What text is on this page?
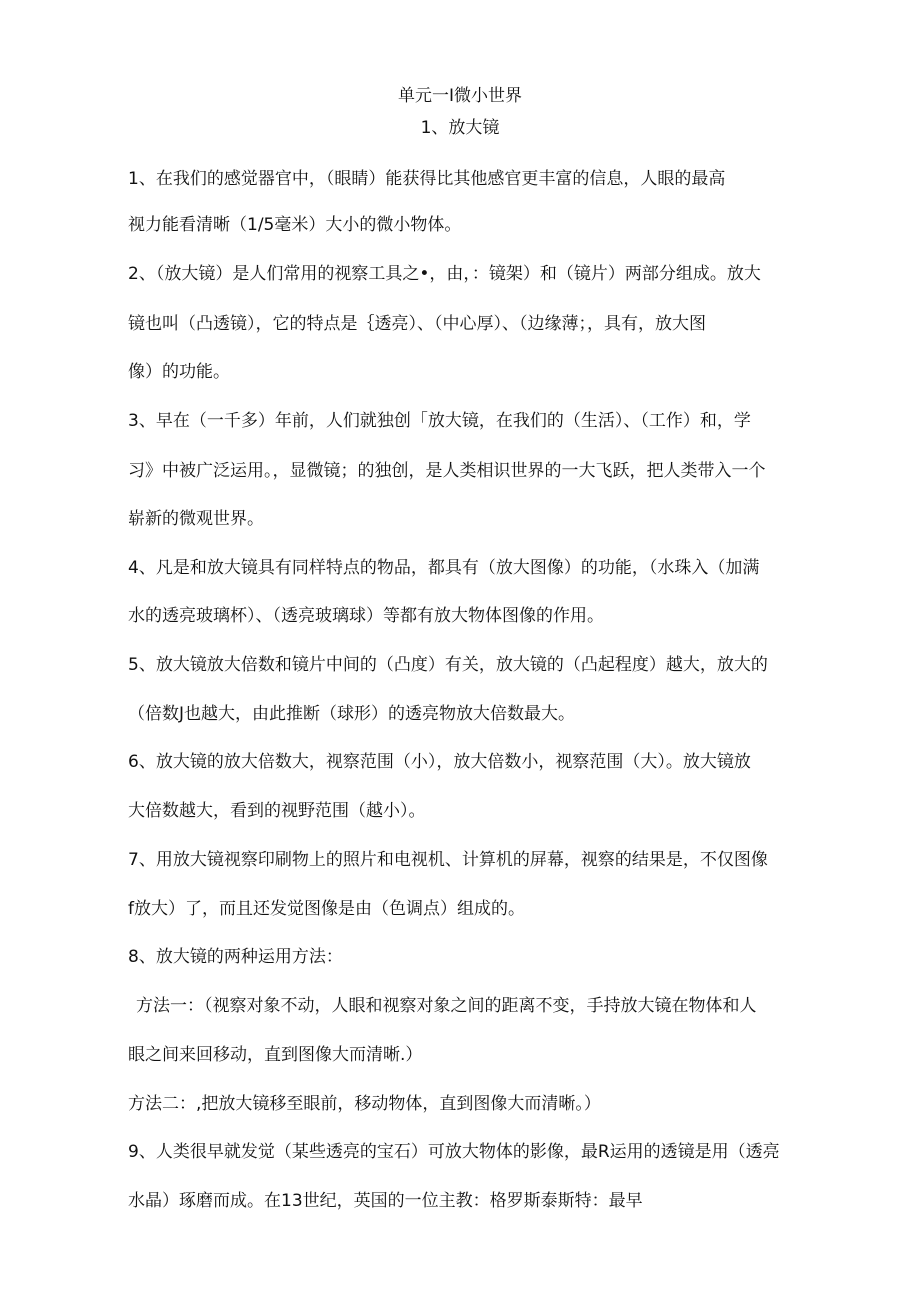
单元一I微小世界
1、放大镜
1、在我们的感觉器官中，（眼睛）能获得比其他感官更丰富的信息，人眼的最高
视力能看清晰（1/5毫米）大小的微小物体。
2、（放大镜）是人们常用的视察工具之•，由，：镜架）和（镜片）两部分组成。放大
镜也叫（凸透镜），它的特点是｛透亮）、（中心厚）、（边缘薄；，具有，放大图
像）的功能。
3、早在（一千多）年前，人们就独创「放大镜，在我们的（生活）、（工作）和，学
习》中被广泛运用。，显微镜；的独创，是人类相识世界的一大飞跃，把人类带入一个
崭新的微观世界。
4、凡是和放大镜具有同样特点的物品，都具有（放大图像）的功能，（水珠入（加满
水的透亮玻璃杯）、（透亮玻璃球）等都有放大物体图像的作用。
5、放大镜放大倍数和镜片中间的（凸度）有关，放大镜的（凸起程度）越大，放大的
（倍数J也越大，由此推断（球形）的透亮物放大倍数最大。
6、放大镜的放大倍数大，视察范围（小），放大倍数小，视察范围（大）。放大镜放
大倍数越大，看到的视野范围（越小）。
7、用放大镜视察印刷物上的照片和电视机、计算机的屏幕，视察的结果是，不仅图像
f放大）了，而且还发觉图像是由（色调点）组成的。
8、放大镜的两种运用方法：
方法一：（视察对象不动，人眼和视察对象之间的距离不变，手持放大镜在物体和人
眼之间来回移动，直到图像大而清晰.）
方法二：,把放大镜移至眼前，移动物体，直到图像大而清晰。）
9、人类很早就发觉（某些透亮的宝石）可放大物体的影像，最R运用的透镜是用（透亮
水晶）琢磨而成。在13世纪，英国的一位主教：格罗斯泰斯特：最早
